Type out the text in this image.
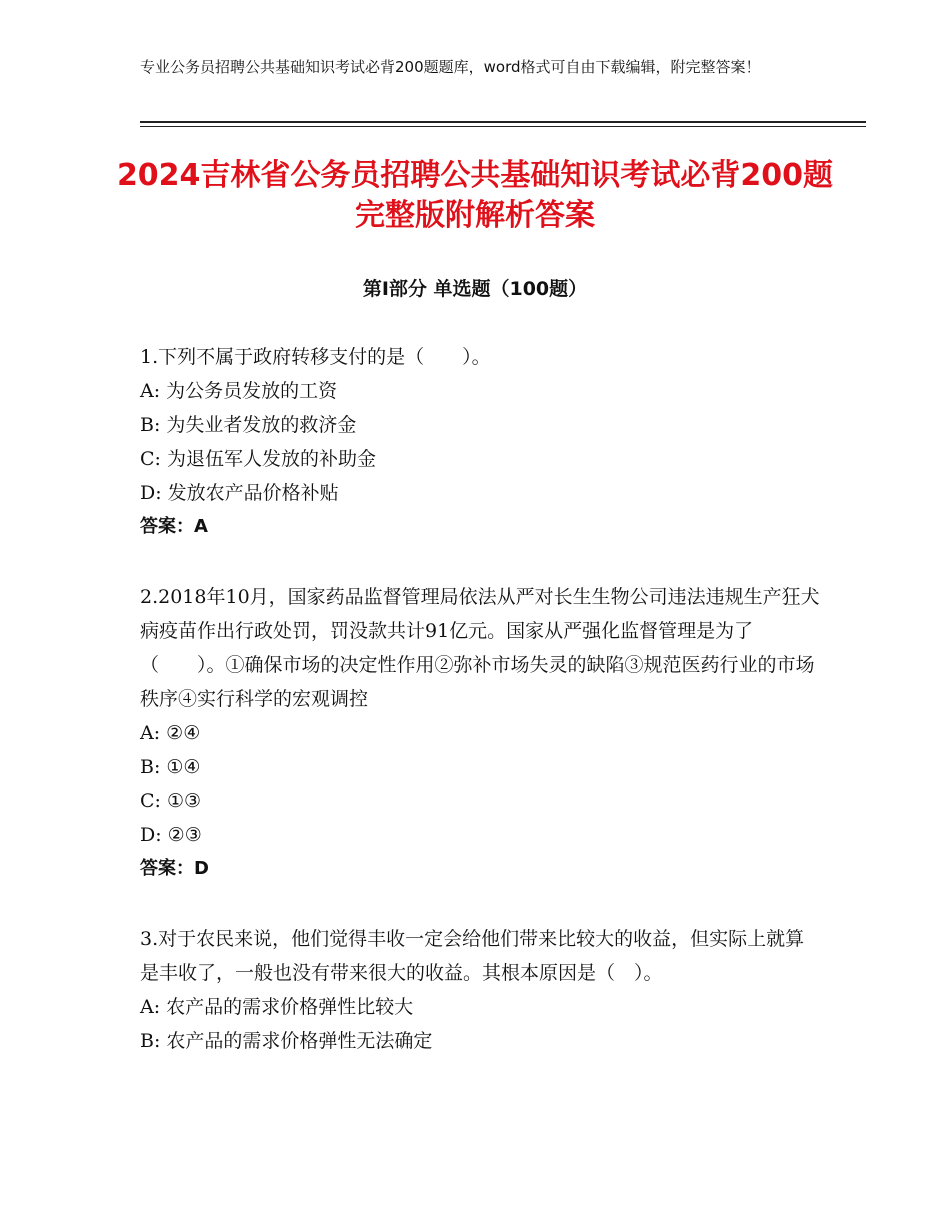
专业公务员招聘公共基础知识考试必背200题题库，word格式可自由下载编辑，附完整答案！
2024吉林省公务员招聘公共基础知识考试必背200题完整版附解析答案
第Ⅰ部分 单选题（100题）

1.下列不属于政府转移支付的是（　　）。

A: 为公务员发放的工资

B: 为失业者发放的救济金

C: 为退伍军人发放的补助金

D: 发放农产品价格补贴

答案：A

2.2018年10月，国家药品监督管理局依法从严对长生生物公司违法违规生产狂犬病疫苗作出行政处罚，罚没款共计91亿元。国家从严强化监督管理是为了（　　）。①确保市场的决定性作用②弥补市场失灵的缺陷③规范医药行业的市场秩序④实行科学的宏观调控

A: ②④

B: ①④

C: ①③

D: ②③

答案：D

3.对于农民来说，他们觉得丰收一定会给他们带来比较大的收益，但实际上就算是丰收了，一般也没有带来很大的收益。其根本原因是（　）。

A: 农产品的需求价格弹性比较大

B: 农产品的需求价格弹性无法确定
